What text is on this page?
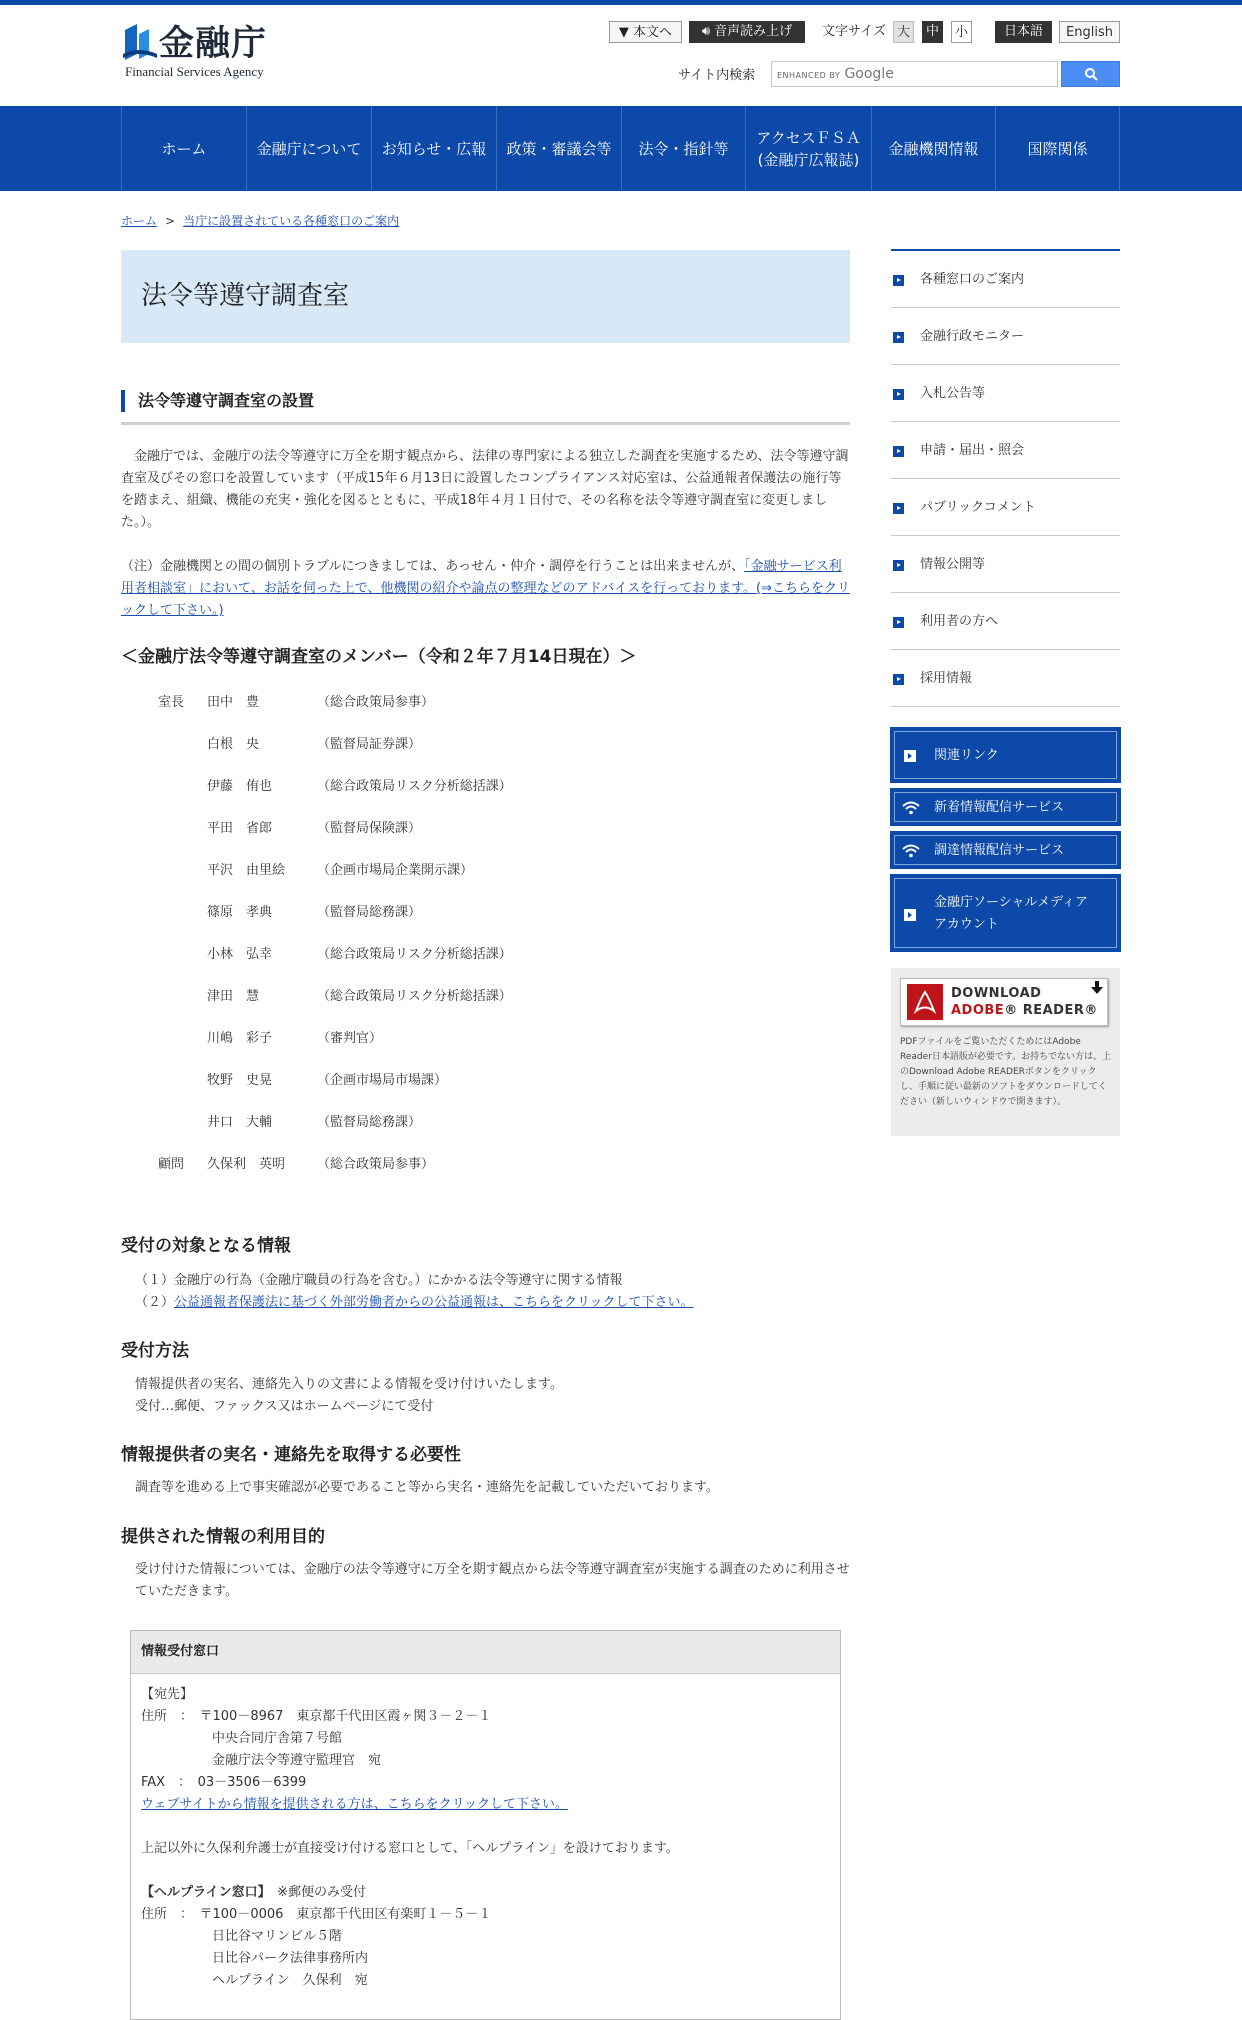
金融庁
Financial Services Agency
▼ 本文へ	🔊︎ 音声読み上げ	文字サイズ 大	中	小	日本語	English
サイト内検索	ENHANCED BY Google
ホーム	金融庁について お知らせ・広報 政策・審議会等 法令・指針等
アクセスＦＳＡ
(金融庁広報誌)
金融機関情報	国際関係
ホーム > 当庁に設置されている各種窓口のご案内
法令等遵守調査室
法令等遵守調査室の設置
金融庁では、金融庁の法令等遵守に万全を期す観点から、法律の専門家による独立した調査を実施するため、法令等遵守調査室及びその窓口を設置しています（平成15年６月13日に設置したコンプライアンス対応室は、公益通報者保護法の施行等を踏まえ、組織、機能の充実・強化を図るとともに、平成18年４月１日付で、その名称を法令等遵守調査室に変更しました。）。
（注）金融機関との間の個別トラブルにつきましては、あっせん・仲介・調停を行うことは出来ませんが、「金融サービス利用者相談室」において、お話を伺った上で、他機関の紹介や論点の整理などのアドバイスを行っております。(⇒こちらをクリックして下さい。)
＜金融庁法令等遵守調査室のメンバー（令和２年７月14日現在）＞
室長	田中　豊	（総合政策局参事）
白根　央	（監督局証券課）
伊藤　侑也	（総合政策局リスク分析総括課）
平田　省郎	（監督局保険課）
平沢　由里絵	（企画市場局企業開示課）
篠原　孝典	（監督局総務課）
小林　弘幸	（総合政策局リスク分析総括課）
津田　慧	（総合政策局リスク分析総括課）
川嶋　彩子	（審判官）
牧野　史晃	（企画市場局市場課）
井口　大輔	（監督局総務課）
顧問	久保利　英明	（総合政策局参事）
受付の対象となる情報
（１）金融庁の行為（金融庁職員の行為を含む。）にかかる法令等遵守に関する情報
（２）公益通報者保護法に基づく外部労働者からの公益通報は、こちらをクリックして下さい。
受付方法
情報提供者の実名、連絡先入りの文書による情報を受け付けいたします。
受付…郵便、ファックス又はホームページにて受付
情報提供者の実名・連絡先を取得する必要性
調査等を進める上で事実確認が必要であること等から実名・連絡先を記載していただいております。
提供された情報の利用目的
受け付けた情報については、金融庁の法令等遵守に万全を期す観点から法令等遵守調査室が実施する調査のために利用させていただきます。
情報受付窓口
【宛先】
住所　：　〒100－8967　東京都千代田区霞ヶ関３－２－１
中央合同庁舎第７号館
金融庁法令等遵守監理官　宛
FAX　：　03－3506－6399
ウェブサイトから情報を提供される方は、こちらをクリックして下さい。
上記以外に久保利弁護士が直接受け付ける窓口として、「ヘルプライン」を設けております。
【ヘルプライン窓口】　 ※郵便のみ受付
住所　：　〒100－0006　東京都千代田区有楽町１－５－１
日比谷マリンビル５階
日比谷パーク法律事務所内
ヘルプライン　久保利　宛
各種窓口のご案内
金融行政モニター
入札公告等
申請・届出・照会
パブリックコメント
情報公開等
利用者の方へ
採用情報
関連リンク
新着情報配信サービス
調達情報配信サービス
金融庁ソーシャルメディア
アカウント
DOWNLOAD
ADOBE® READER®
PDFファイルをご覧いただくためにはAdobe Reader日本語版が必要です。お持ちでない方は、上のDownload Adobe READERボタンをクリックし、手順に従い最新のソフトをダウンロードしてください（新しいウィンドウで開きます）。
